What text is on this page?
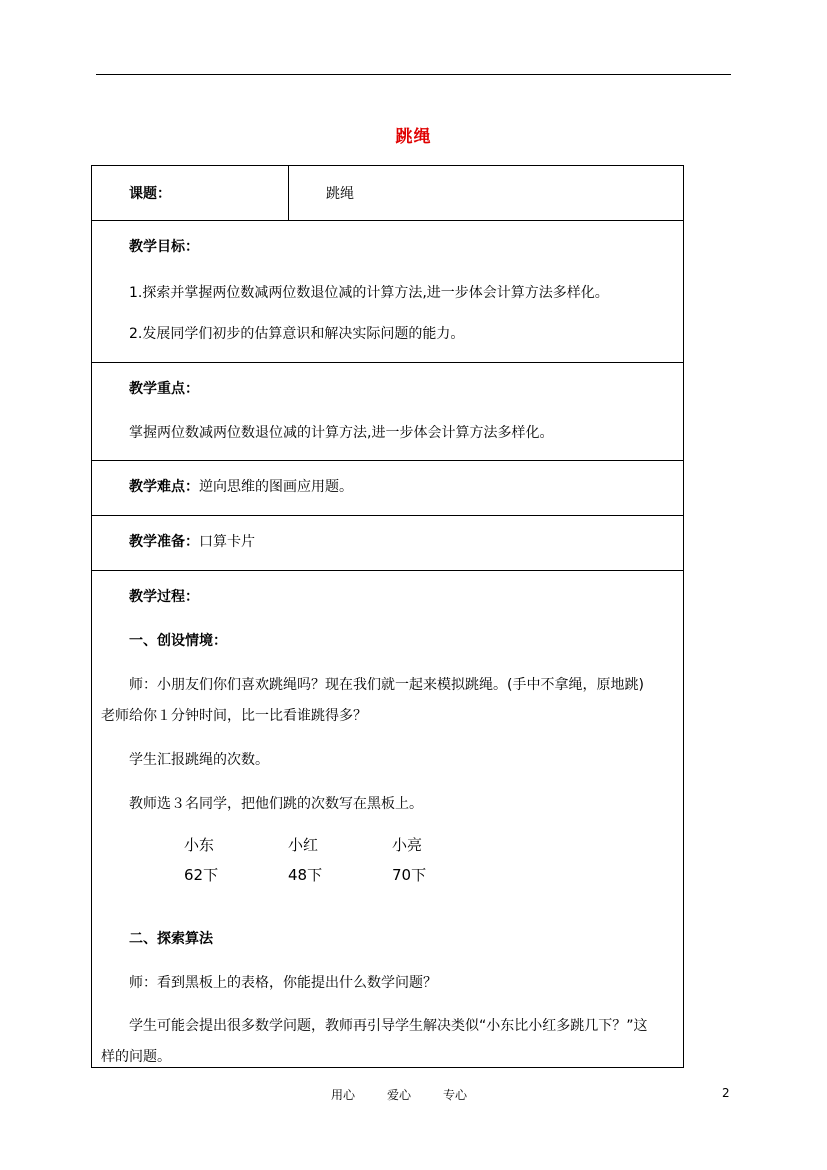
跳绳
课题：	跳绳
教学目标：
1.探索并掌握两位数减两位数退位减的计算方法,进一步体会计算方法多样化。
2.发展同学们初步的估算意识和解决实际问题的能力。
教学重点：
掌握两位数减两位数退位减的计算方法,进一步体会计算方法多样化。
教学难点：逆向思维的图画应用题。
教学准备：口算卡片
教学过程：
一、创设情境：
师：小朋友们你们喜欢跳绳吗？现在我们就一起来模拟跳绳。(手中不拿绳，原地跳)
老师给你１分钟时间，比一比看谁跳得多？
学生汇报跳绳的次数。
教师选３名同学，把他们跳的次数写在黑板上。
小东	小红	小亮
62下	48下	70下
二、探索算法
师：看到黑板上的表格，你能提出什么数学问题？
学生可能会提出很多数学问题，教师再引导学生解决类似“小东比小红多跳几下？”这
样的问题。
用心	爱心	专心	2
